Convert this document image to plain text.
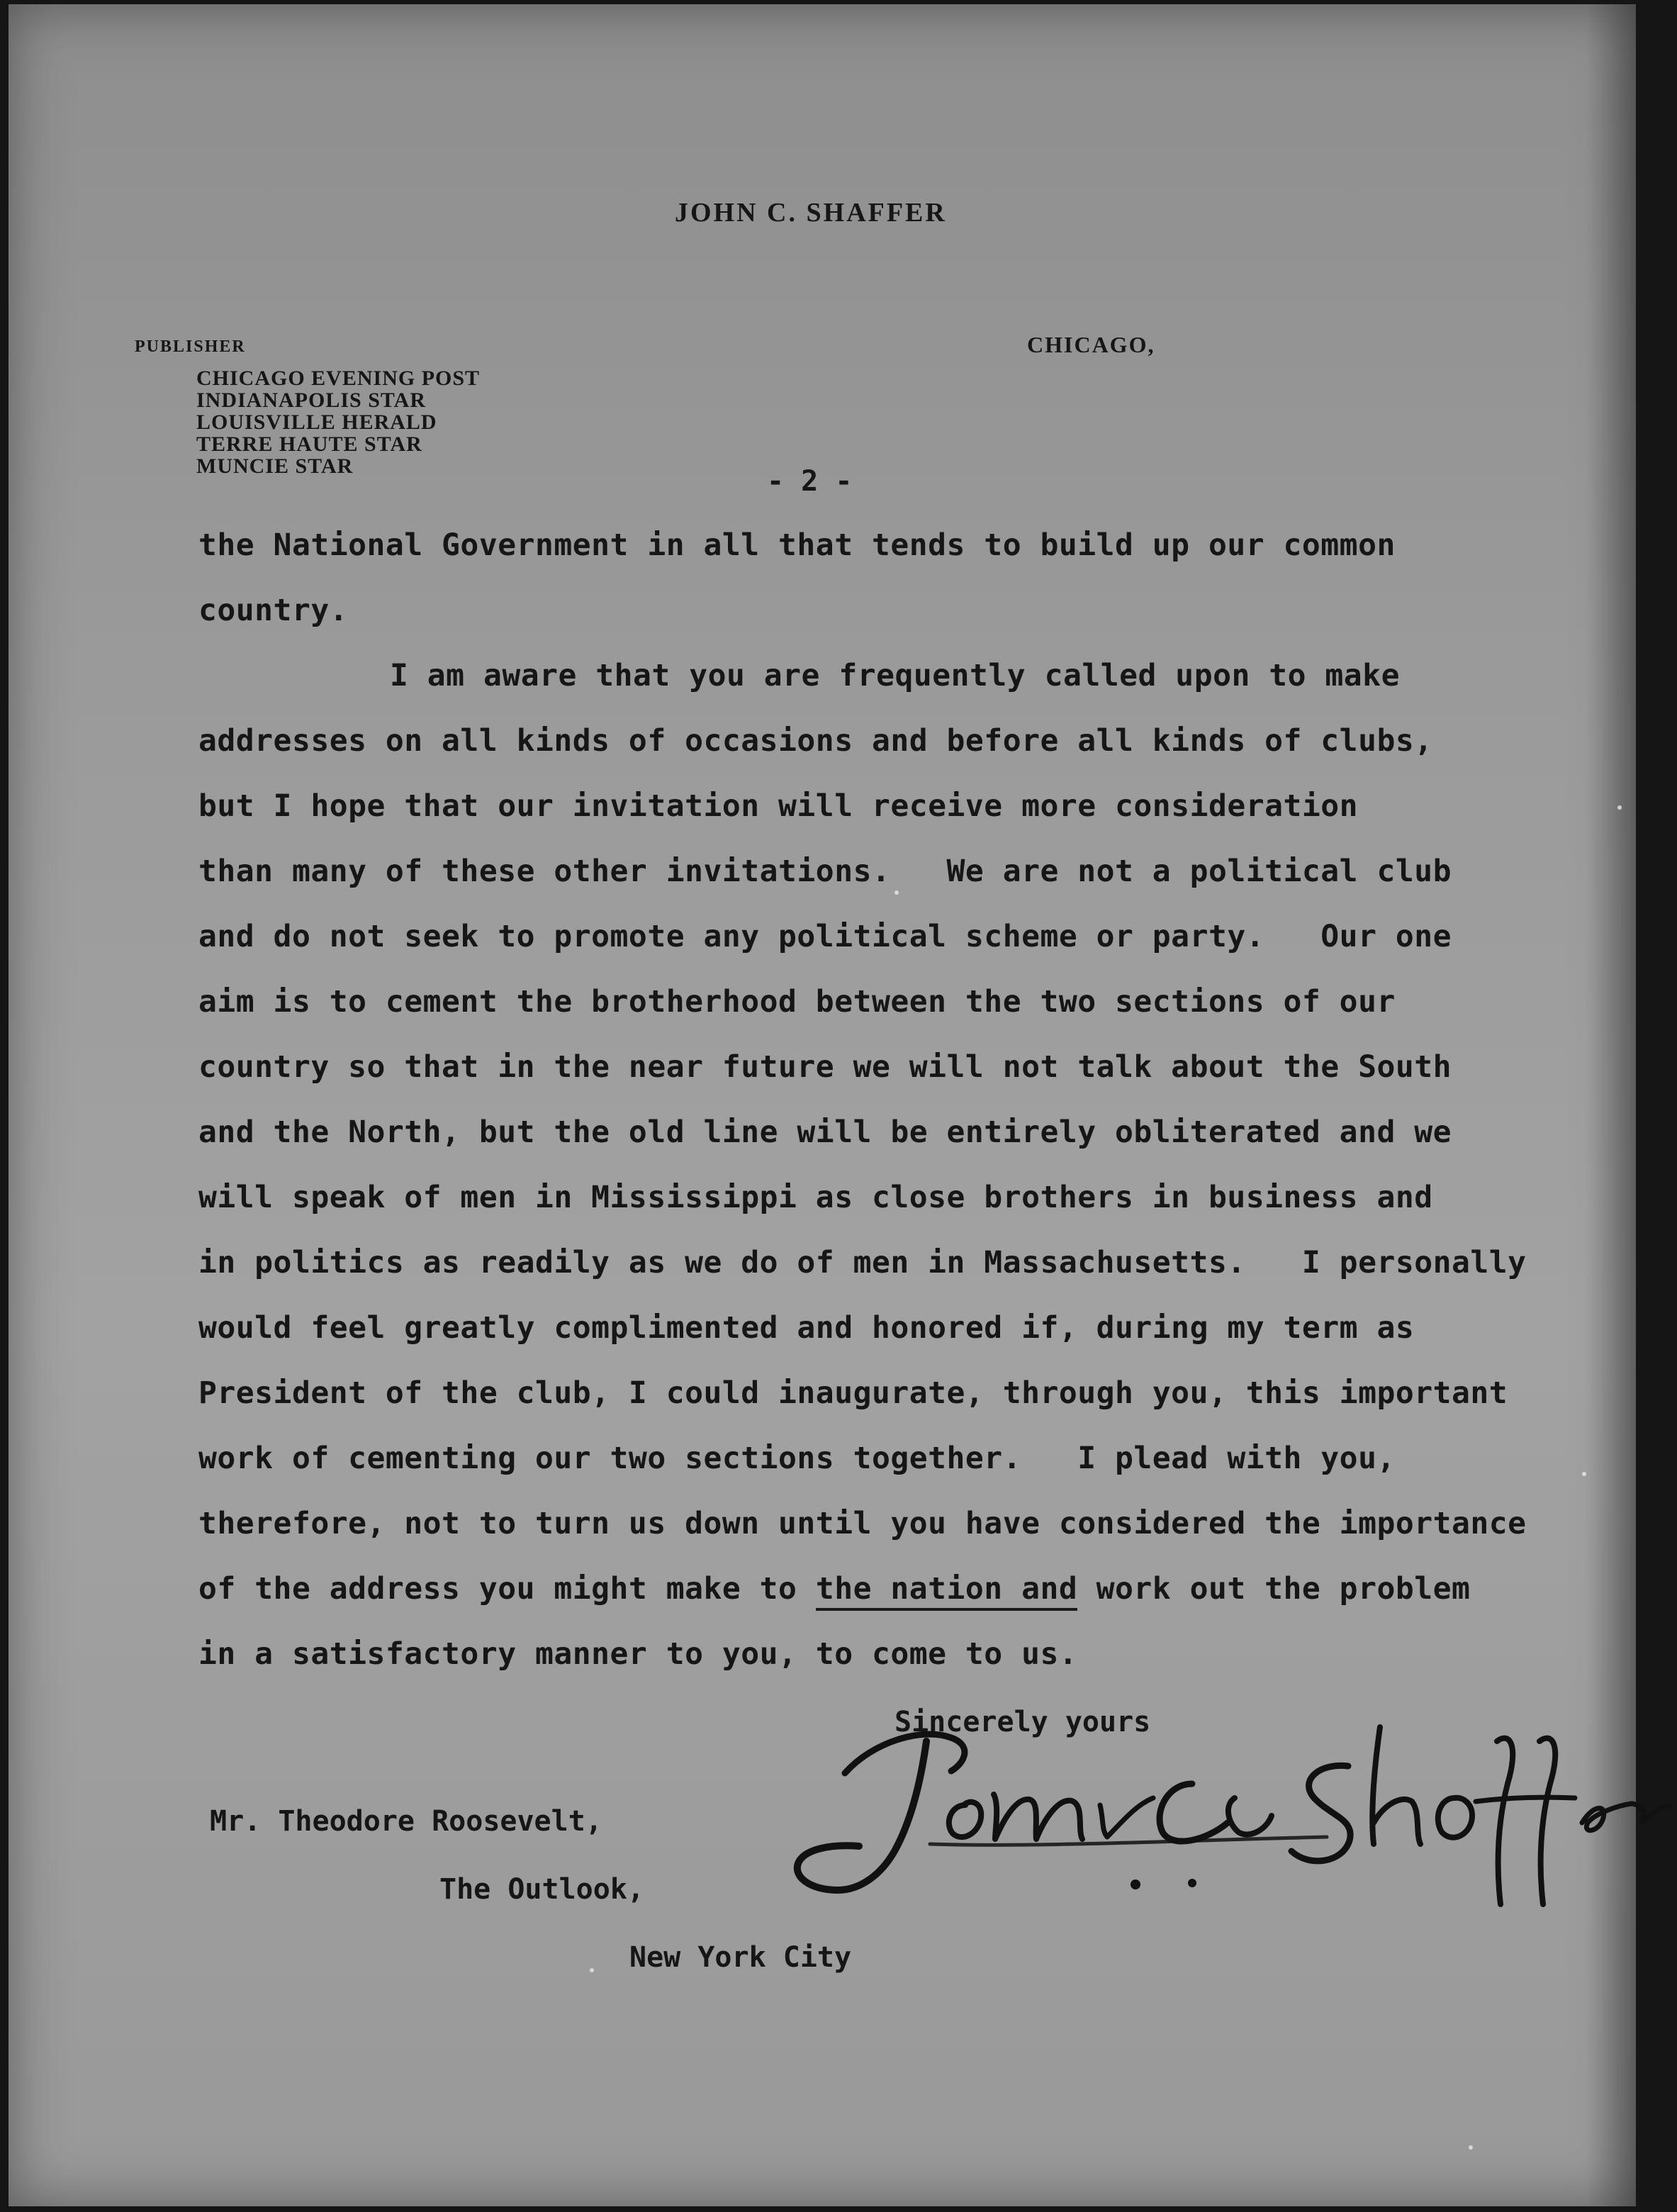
JOHN C. SHAFFER
PUBLISHER	CHICAGO,
CHICAGO EVENING POST
INDIANAPOLIS STAR
LOUISVILLE HERALD
TERRE HAUTE STAR
MUNCIE STAR	- 2 -
the National Government in all that tends to build up our common
country.
I am aware that you are frequently called upon to make
addresses on all kinds of occasions and before all kinds of clubs,
but I hope that our invitation will receive more consideration
than many of these other invitations.   We are not a political club
and do not seek to promote any political scheme or party.   Our one
aim is to cement the brotherhood between the two sections of our
country so that in the near future we will not talk about the South
and the North, but the old line will be entirely obliterated and we
will speak of men in Mississippi as close brothers in business and
in politics as readily as we do of men in Massachusetts.   I personally
would feel greatly complimented and honored if, during my term as
President of the club, I could inaugurate, through you, this important
work of cementing our two sections together.   I plead with you,
therefore, not to turn us down until you have considered the importance
of the address you might make to the nation and work out the problem
in a satisfactory manner to you, to come to us.
Sincerely yours
Mr. Theodore Roosevelt,
The Outlook,
New York City
